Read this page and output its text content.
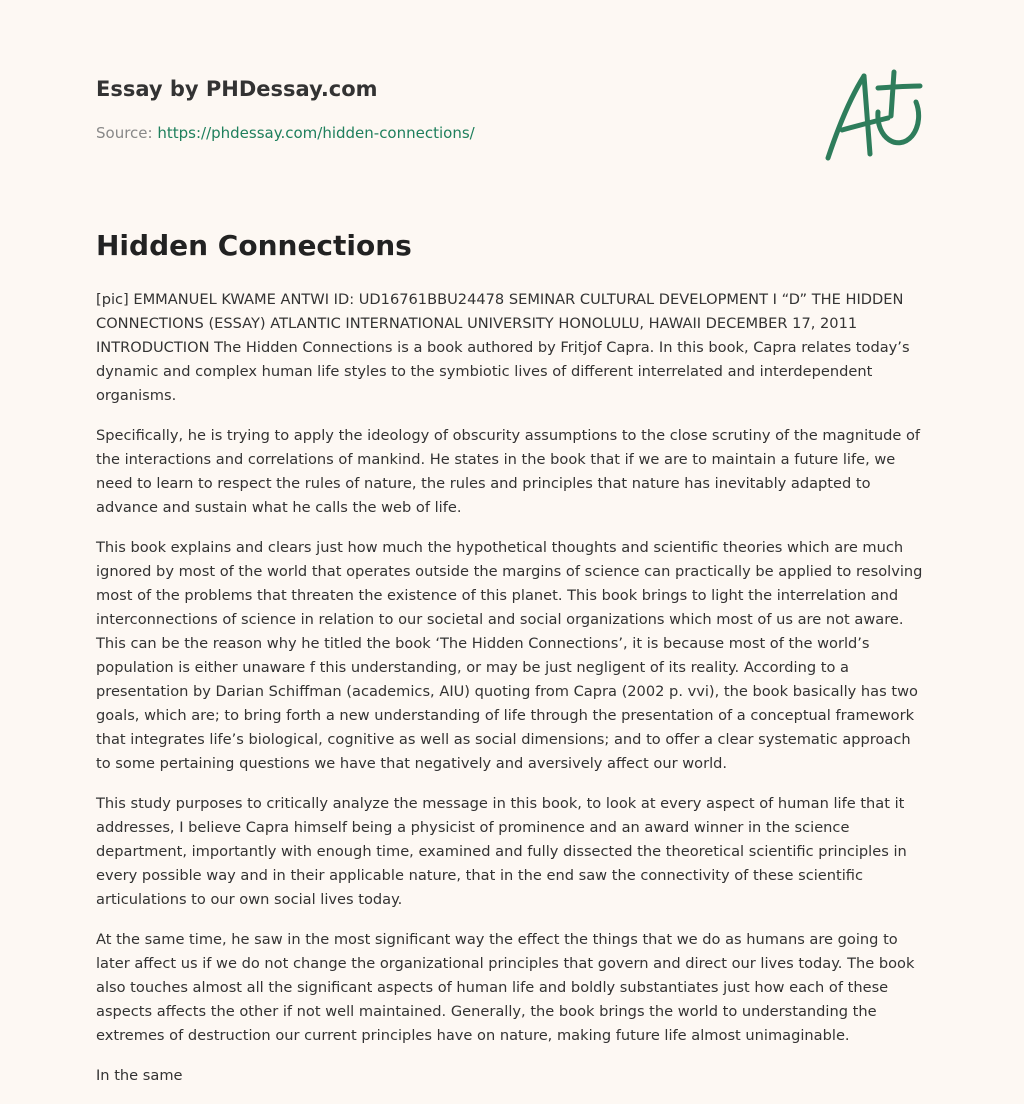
Essay by PHDessay.com
Source: https://phdessay.com/hidden-connections/
Hidden Connections

[pic] EMMANUEL KWAME ANTWI ID: UD16761BBU24478 SEMINAR CULTURAL DEVELOPMENT I “D” THE HIDDEN CONNECTIONS (ESSAY) ATLANTIC INTERNATIONAL UNIVERSITY HONOLULU, HAWAII DECEMBER 17, 2011 INTRODUCTION The Hidden Connections is a book authored by Fritjof Capra. In this book, Capra relates today’s dynamic and complex human life styles to the symbiotic lives of different interrelated and interdependent organisms.

Specifically, he is trying to apply the ideology of obscurity assumptions to the close scrutiny of the magnitude of the interactions and correlations of mankind. He states in the book that if we are to maintain a future life, we need to learn to respect the rules of nature, the rules and principles that nature has inevitably adapted to advance and sustain what he calls the web of life.

This book explains and clears just how much the hypothetical thoughts and scientific theories which are much ignored by most of the world that operates outside the margins of science can practically be applied to resolving most of the problems that threaten the existence of this planet. This book brings to light the interrelation and interconnections of science in relation to our societal and social organizations which most of us are not aware. This can be the reason why he titled the book ‘The Hidden Connections’, it is because most of the world’s population is either unaware f this understanding, or may be just negligent of its reality. According to a presentation by Darian Schiffman (academics, AIU) quoting from Capra (2002 p. vvi), the book basically has two goals, which are; to bring forth a new understanding of life through the presentation of a conceptual framework that integrates life’s biological, cognitive as well as social dimensions; and to offer a clear systematic approach to some pertaining questions we have that negatively and aversively affect our world.

This study purposes to critically analyze the message in this book, to look at every aspect of human life that it addresses, I believe Capra himself being a physicist of prominence and an award winner in the science department, importantly with enough time, examined and fully dissected the theoretical scientific principles in every possible way and in their applicable nature, that in the end saw the connectivity of these scientific articulations to our own social lives today.

At the same time, he saw in the most significant way the effect the things that we do as humans are going to later affect us if we do not change the organizational principles that govern and direct our lives today. The book also touches almost all the significant aspects of human life and boldly substantiates just how each of these aspects affects the other if not well maintained. Generally, the book brings the world to understanding the extremes of destruction our current principles have on nature, making future life almost unimaginable.

In the same
